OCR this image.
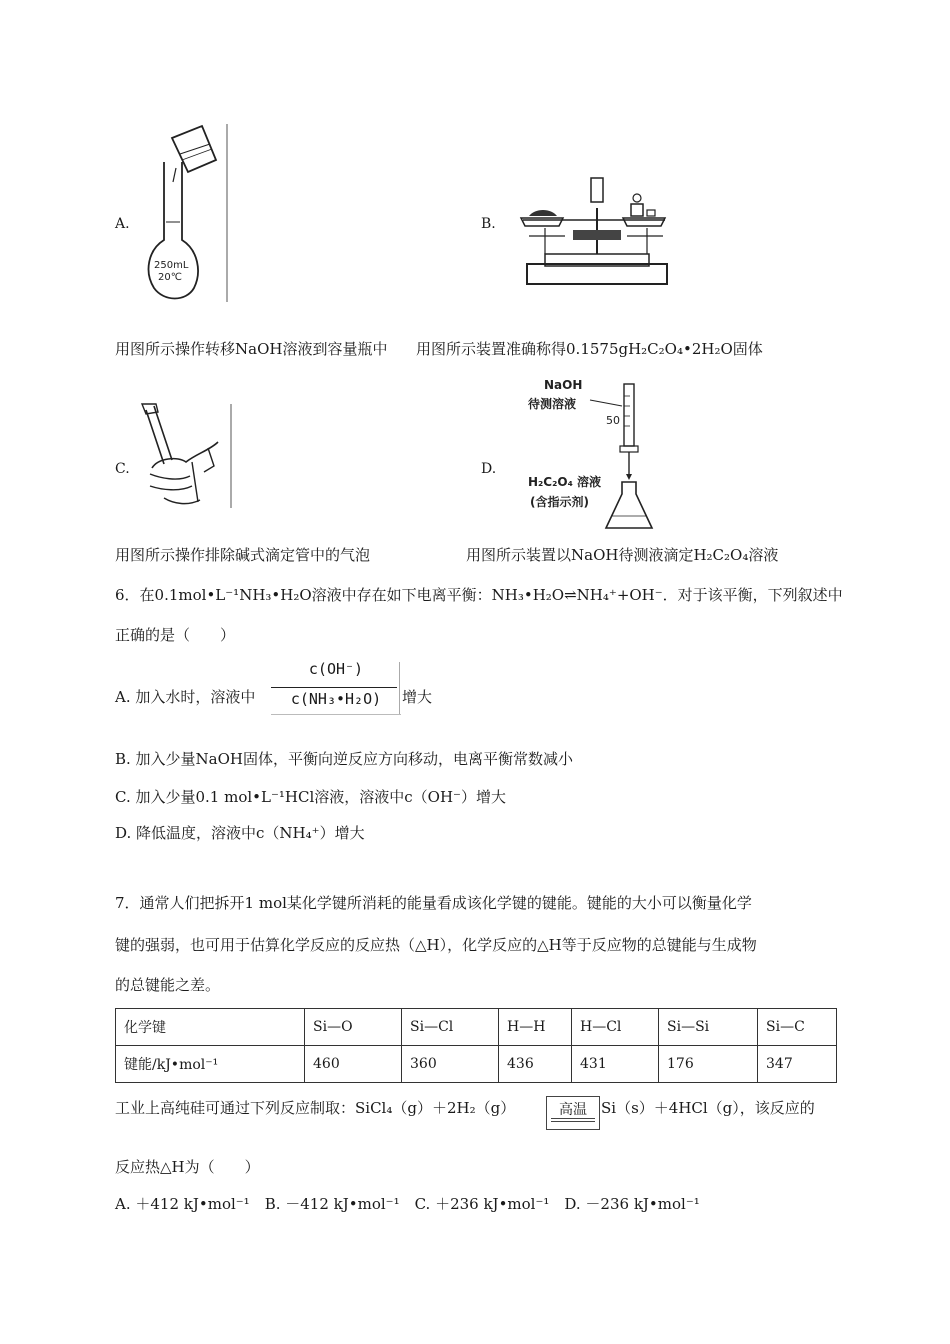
A.
250mL
20℃
B.
用图所示操作转移NaOH溶液到容量瓶中 用图所示装置准确称得0.1575gH₂C₂O₄•2H₂O固体
C.	D.
NaOH
待测溶液
50
H₂C₂O₄ 溶液
(含指示剂)
用图所示操作排除碱式滴定管中的气泡	用图所示装置以NaOH待测液滴定H₂C₂O₄溶液
6．在0.1mol•L⁻¹NH₃•H₂O溶液中存在如下电离平衡：NH₃•H₂O⇌NH₄⁺+OH⁻．对于该平衡，下列叙述中
正确的是（　　）
A. 加入水时，溶液中
c(OH⁻)
c(NH₃•H₂O)	增大
B. 加入少量NaOH固体，平衡向逆反应方向移动，电离平衡常数减小
C. 加入少量0.1 mol•L⁻¹HCl溶液，溶液中c（OH⁻）增大
D. 降低温度，溶液中c（NH₄⁺）增大
7．通常人们把拆开1 mol某化学键所消耗的能量看成该化学键的键能。键能的大小可以衡量化学
键的强弱，也可用于估算化学反应的反应热（△H），化学反应的△H等于反应物的总键能与生成物
的总键能之差。
化学键	Si—O	Si—Cl	H—H	H—Cl	Si—Si	Si—C
键能/kJ•mol⁻¹	460	360	436	431	176	347
工业上高纯硅可通过下列反应制取：SiCl₄（g）＋2H₂（g）	高温 Si（s）＋4HCl（g），该反应的
反应热△H为（　　）
A. ＋412 kJ•mol⁻¹　B. －412 kJ•mol⁻¹　C. ＋236 kJ•mol⁻¹　D. －236 kJ•mol⁻¹
